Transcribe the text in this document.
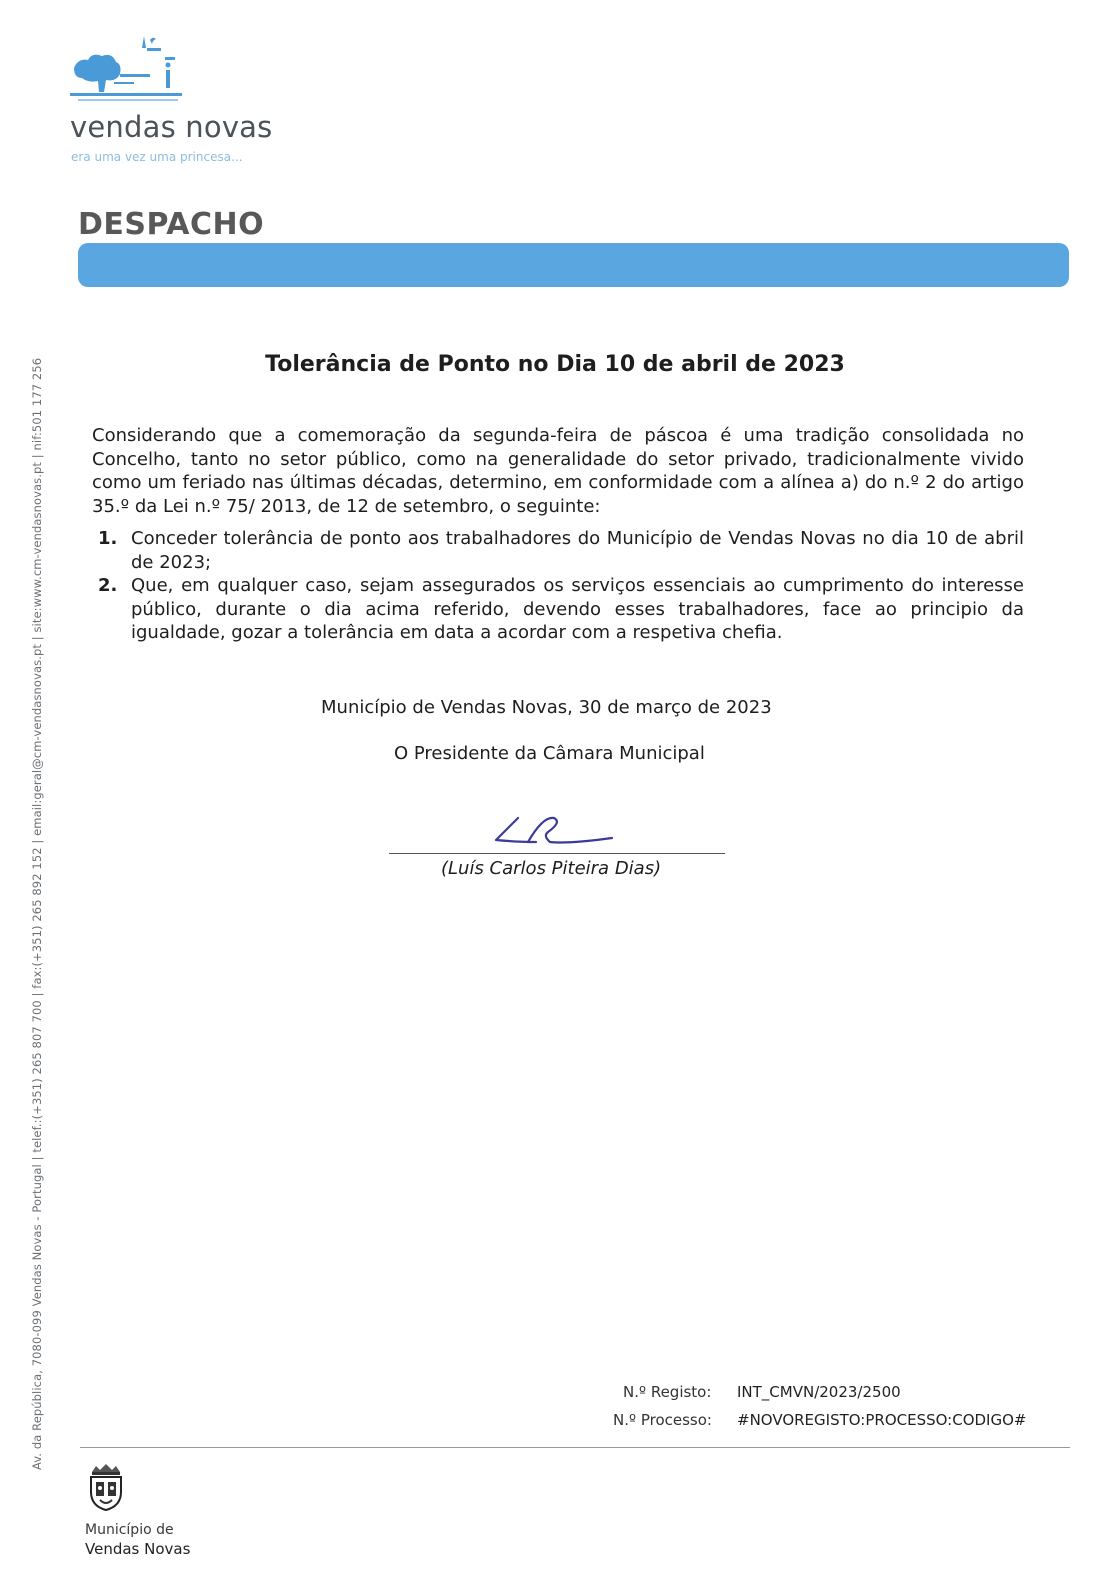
vendas novas
era uma vez uma princesa...
Av. da República, 7080-099 Vendas Novas - Portugal | telef.:(+351) 265 807 700 | fax:(+351) 265 892 152 | email:geral@cm-vendasnovas.pt | site:www.cm-vendasnovas.pt | nif:501 177 256
DESPACHO
Tolerância de Ponto no Dia 10 de abril de 2023
Considerando que a comemoração da segunda-feira de páscoa é uma tradição consolidada no Concelho, tanto no setor público, como na generalidade do setor privado, tradicionalmente vivido como um feriado nas últimas décadas, determino, em conformidade com a alínea a) do n.º 2 do artigo 35.º da Lei n.º 75/ 2013, de 12 de setembro, o seguinte:
1. Conceder tolerância de ponto aos trabalhadores do Município de Vendas Novas no dia 10 de abril de 2023;
2. Que, em qualquer caso, sejam assegurados os serviços essenciais ao cumprimento do interesse público, durante o dia acima referido, devendo esses trabalhadores, face ao principio da igualdade, gozar a tolerância em data a acordar com a respetiva chefia.
Município de Vendas Novas, 30 de março de 2023
O Presidente da Câmara Municipal
(Luís Carlos Piteira Dias)
N.º Registo: INT_CMVN/2023/2500
N.º Processo: #NOVOREGISTO:PROCESSO:CODIGO#
Município de
Vendas Novas
